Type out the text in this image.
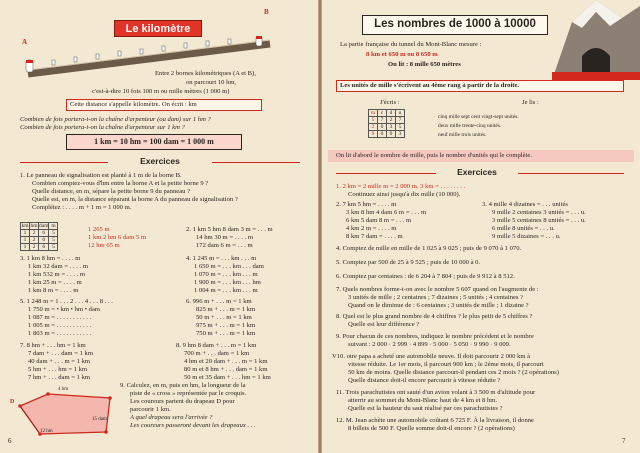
Le kilomètre
A
B
Entre 2 bornes kilométriques (A et B),
on parcourt 10 hm,
c'est-à-dire 10 fois 100 m ou mille mètres (1 000 m)
Cette distance s'appelle kilomètre. On écrit : km
Combien de fois portera-t-on la chaîne d'arpenteur (ou dam) sur 1 hm ?
Combien de fois portera-t-on la chaîne d'arpenteur sur 1 km ?
1 km = 10 hm = 100 dam = 1 000 m
Exercices
1. Le panneau de signalisation est planté à 1 m de la borne B.
Combien comptez-vous d'hm entre la borne A et la petite borne 9 ?
Quelle distance, en m, sépare la petite borne 9 du panneau ?
Quelle est, en m, la distance séparant la borne A du panneau de signalisation ?
Complétez : . . . . m + 1 m = 1 000 m.
km	hm	dam	m
1	2	6	5
1	2	6	5
1	2	6	5
1 265 m
1 km 2 hm 6 dam 5 m
12 hm 65 m
2. 1 km 5 hm 8 dam 3 m = . . . m
14 hm 30 m = . . . . m
172 dam 6 m = . . . m
3. 1 km 8 hm = . . . . m
1 km 32 dam = . . . . m
1 km 532 m = . . . . m
1 km 25 m = . . . . m
1 km 8 m = . . . . m
4. 1 245 m = . . . km . . . m
1 650 m = . . . km . . . dam
1 070 m = . . . km . . . m
1 900 m = . . . km . . . hm
1 004 m = . . . km . . . m
5. 1 248 m = 1 . . . 2 . . . 4 . . . 8 . . .
1 750 m = • km • hm • dam
1 087 m = . . . . . . . . . . .
1 005 m = . . . . . . . . . . .
1 803 m = . . . . . . . . . . .
6. 996 m + . . . m = 1 km
825 m + . . . m = 1 km
50 m + . . . m = 1 km
975 m + . . . m = 1 km
750 m + . . . m = 1 km
7. 8 hm + . . . hm = 1 km
7 dam + . . . dam = 1 km
40 dam + . . . m = 1 km
5 hm + . . . hm = 1 km
7 hm + . . . dam = 1 km
8. 9 hm 8 dam + . . . m = 1 km
700 m + . . . dam = 1 km
4 hm et 20 dam + . . . m = 1 km
80 m et 8 hm + . . . dam = 1 km
50 m et 35 dam + . . . hm = 1 km
4 hm
12 hm
15 dam
D
9. Calculez, en m, puis en hm, la longueur de la
piste de « cross » représentée par le croquis.
Les coureurs partent du drapeau D pour
parcourir 1 km.
A quel drapeau sera l'arrivée ?
Les coureurs passeront devant les drapeaux . . .
6
Les nombres de 1000 à 10000
La partie française du tunnel du Mont-Blanc mesure :
8 km et 650 m ou 8 650 m
On lit : 8 mille 650 mètres
Les unités de mille s'écrivent au 4ème rang à partir de la droite.
J'écris :	Je lis :
m	c	d	u
5	7	2	7
2	0	3	5
9	0	0	3
cinq mille sept cent vingt-sept unités.
deux mille trente-cinq unités.
neuf mille trois unités.
On lit d'abord le nombre de mille, puis le nombre d'unités qui le complète.
Exercices
1. 2 km = 2 mille m = 2 000 m. 3 km = . . . . . . . .
Continuez ainsi jusqu'à dix mille (10 000).
2. 7 km 5 hm = . . . . m
3 km 8 hm 4 dam 6 m = . . . m
6 km 5 dam 8 m = . . . m
4 km 2 m = . . . . m
8 km 7 dam = . . . . m
3. 4 mille 4 dizaines = . . . unités
9 mille 2 centaines 3 unités = . . . u.
3 mille 5 centaines 8 unités = . . . u.
6 mille 8 unités = . . . u.
9 mille 5 dizaines = . . . u.
4. Comptez de mille en mille de 1 025 à 9 025 ; puis de 9 070 à 1 070.
5. Comptez par 500 de 25 à 9 525 ; puis de 10 000 à 0.
6. Comptez par centaines : de 6 204 à 7 804 ; puis de 9 912 à 8 512.
7. Quels nombres forme-t-on avec le nombre 5 607 quand on l'augmente de :
3 unités de mille ; 2 centaines ; 7 dizaines ; 5 unités ; 4 centaines ?
Quand on le diminue de : 6 centaines ; 3 unités de mille ; 1 dizaine ?
8. Quel est le plus grand nombre de 4 chiffres ? le plus petit de 5 chiffres ?
Quelle est leur différence ?
9. Pour chacun de ces nombres, indiquez le nombre précédent et le nombre
suivant : 2 000 · 2 999 · 4 899 · 5 000 · 5 050 · 9 990 · 9 009.
V10. otre papa a acheté une automobile neuve. Il doit parcourir 2 000 km à
vitesse réduite. Le 1er mois, il parcourt 900 km ; le 2ème mois, il parcourt
50 km de moins. Quelle distance parcourt-il pendant ces 2 mois ? (2 opérations)
Quelle distance doit-il encore parcourir à vitesse réduite ?
11. Trois parachutistes ont sauté d'un avion volant à 3 500 m d'altitude pour
atterrir au sommet du Mont-Blanc haut de 4 km et 8 hm.
Quelle est la hauteur du saut réalisé par ces parachutistes ?
12. M. Jean achète une automobile coûtant 6 725 F. À la livraison, il donne
8 billets de 500 F. Quelle somme doit-il encore ? (2 opérations)
7
